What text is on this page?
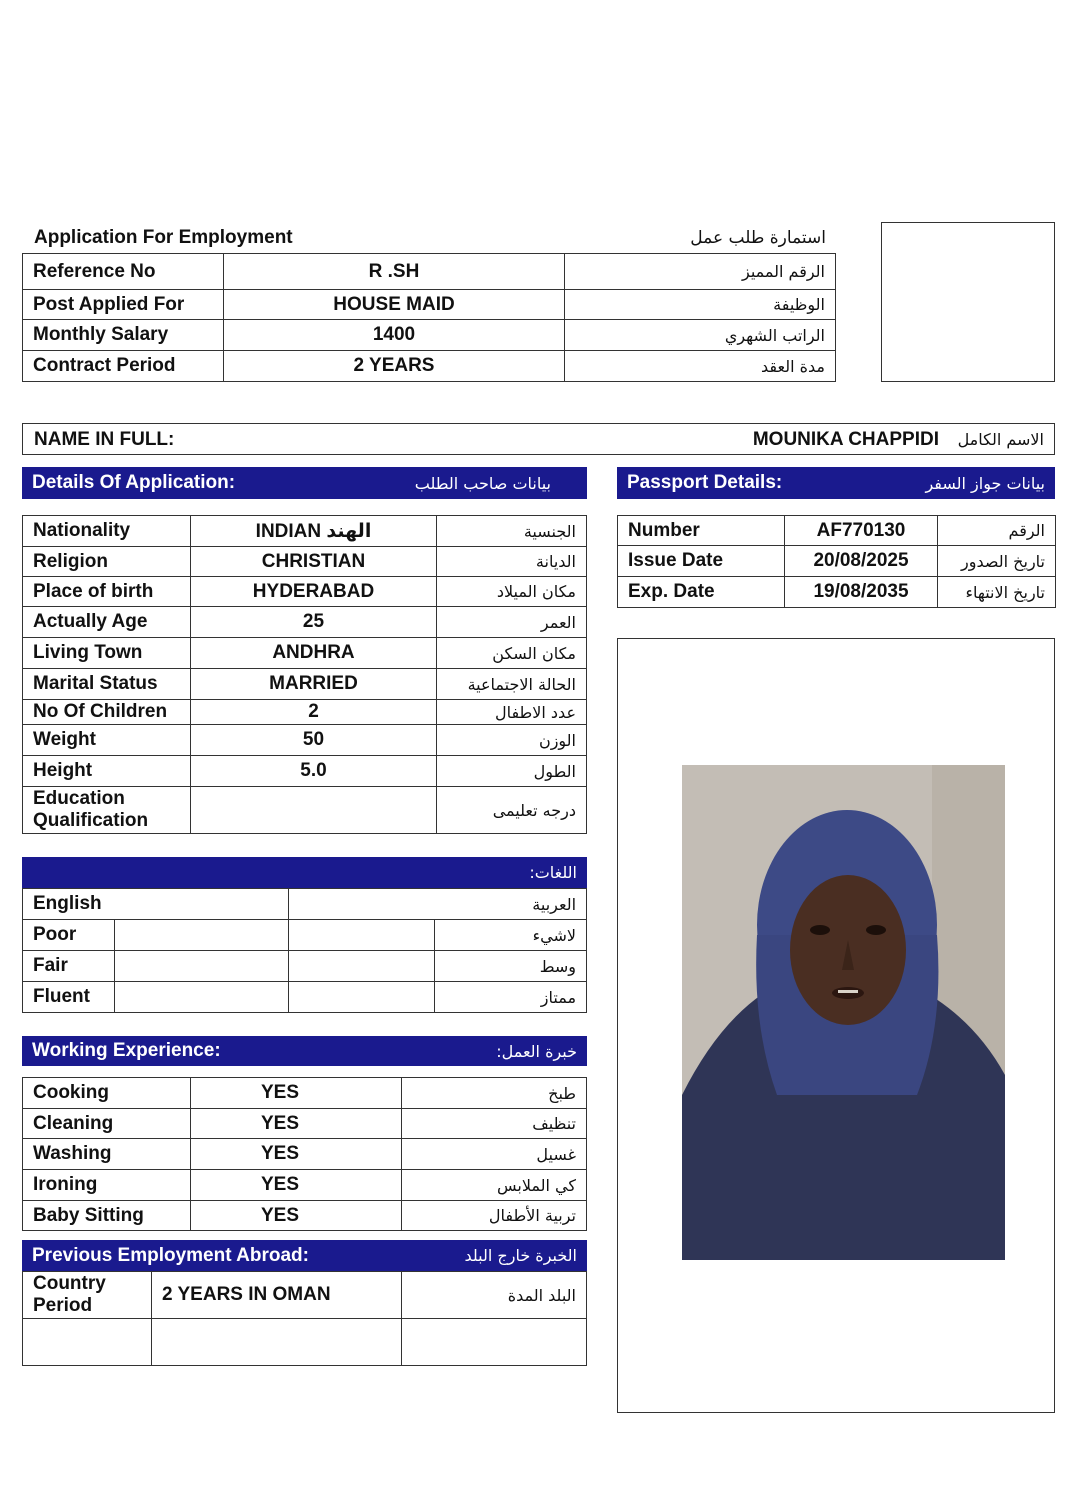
Application For Employment	استمارة طلب عمل
Reference No	R .SH	الرقم المميز
Post Applied For	HOUSE MAID	الوظيفة
Monthly Salary	1400	الراتب الشهري
Contract Period	2 YEARS	مدة العقد
NAME IN FULL:	MOUNIKA CHAPPIDI الاسم الكامل
Details Of Application:	بيانات صاحب الطلب	Passport Details:	بيانات جواز السفر
Nationality	INDIAN الهند	الجنسية
Religion	CHRISTIAN	الديانة
Place of birth	HYDERABAD	مكان الميلاد
Actually Age	25	العمر
Living Town	ANDHRA	مكان السكن
Marital Status	MARRIED	الحالة الاجتماعية
No Of Children	2	عدد الاطفال
Weight	50	الوزن
Height	5.0	الطول
Education Qualification		درجه تعليمى
Number	AF770130	الرقم
Issue Date	20/08/2025	تاريخ الصدور
Exp. Date	19/08/2035	تاريخ الانتهاء
اللغات:
English		العربية	
Poor			لاشيء
Fair			وسط
Fluent			ممتاز
Working Experience:	خبرة العمل:
Cooking	YES	طبخ
Cleaning	YES	تنظيف
Washing	YES	غسيل
Ironing	YES	كي الملابس
Baby Sitting	YES	تربية الأطفال
Previous Employment Abroad:	الخبرة خارج البلد
Country Period	2 YEARS IN OMAN	البلد المدة
